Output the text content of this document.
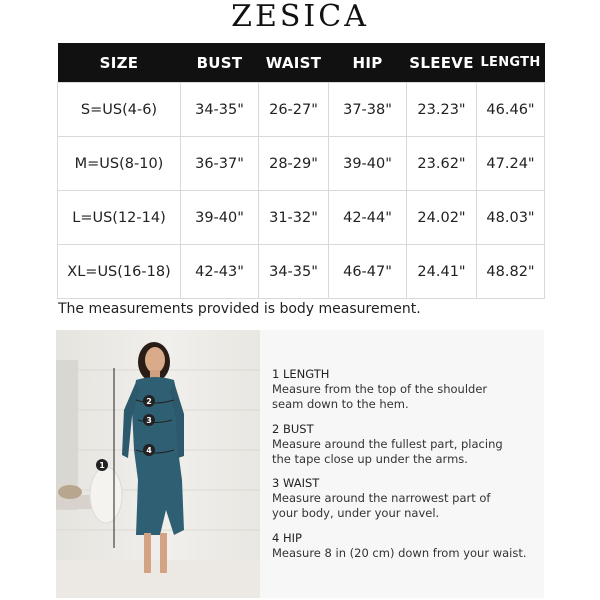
ZESICA
SIZE	BUST	WAIST	HIP	SLEEVE	LENGTH
S=US(4-6)	34-35"	26-27"	37-38"	23.23"	46.46"
M=US(8-10)	36-37"	28-29"	39-40"	23.62"	47.24"
L=US(12-14)	39-40"	31-32"	42-44"	24.02"	48.03"
XL=US(16-18)	42-43"	34-35"	46-47"	24.41"	48.82"
The measurements provided is body measurement.
1
2
3
4
1 LENGTH
Measure from the top of the shoulder
seam down to the hem.
2 BUST
Measure around the fullest part, placing
the tape close up under the arms.
3 WAIST
Measure around the narrowest part of
your body, under your navel.
4 HIP
Measure 8 in (20 cm) down from your waist.
